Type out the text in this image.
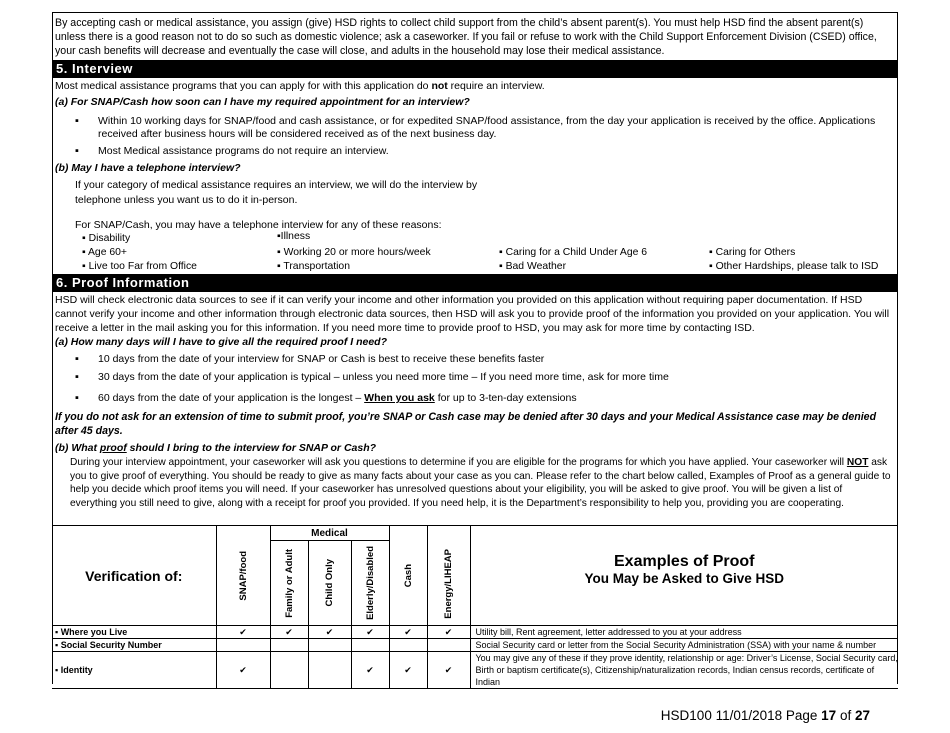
By accepting cash or medical assistance, you assign (give) HSD rights to collect child support from the child’s absent parent(s). You must help HSD find the absent parent(s) unless there is a good reason not to do so such as domestic violence; ask a caseworker. If you fail or refuse to work with the Child Support Enforcement Division (CSED) office, your cash benefits will decrease and eventually the case will close, and adults in the household may lose their medical assistance.
5. Interview

Most medical assistance programs that you can apply for with this application do not require an interview.

(a) For SNAP/Cash how soon can I have my required appointment for an interview?

▪ Within 10 working days for SNAP/food and cash assistance, or for expedited SNAP/food assistance, from the day your application is received by the office. Applications received after business hours will be considered received as of the next business day.
▪ Most Medical assistance programs do not require an interview.

(b) May I have a telephone interview?

If your category of medical assistance requires an interview, we will do the interview by

telephone unless you want us to do it in-person.

For SNAP/Cash, you may have a telephone interview for any of these reasons:

▪ Disability	▪Illness
▪ Age 60+	▪ Working 20 or more hours/week	▪ Caring for a Child Under Age 6	▪ Caring for Others
▪ Live too Far from Office	▪ Transportation	▪ Bad Weather	▪ Other Hardships, please talk to ISD
6. Proof Information

HSD will check electronic data sources to see if it can verify your income and other information you provided on this application without requiring paper documentation. If HSD cannot verify your income and other information through electronic data sources, then HSD will ask you to provide proof of the information you provided on your application. You will receive a letter in the mail asking you for this information. If you need more time to provide proof to HSD, you may ask for more time by contacting ISD.

(a) How many days will I have to give all the required proof I need?

▪ 10 days from the date of your interview for SNAP or Cash is best to receive these benefits faster
▪ 30 days from the date of your application is typical – unless you need more time – If you need more time, ask for more time
▪ 60 days from the date of your application is the longest – When you ask for up to 3-ten-day extensions

If you do not ask for an extension of time to submit proof, you’re SNAP or Cash case may be denied after 30 days and your Medical Assistance case may be denied after 45 days.

(b) What proof should I bring to the interview for SNAP or Cash?

During your interview appointment, your caseworker will ask you questions to determine if you are eligible for the programs for which you have applied. Your caseworker will NOT ask you to give proof of everything. You should be ready to give as many facts about your case as you can. Please refer to the chart below called, Examples of Proof as a general guide to help you decide which proof items you will need. If your caseworker has unresolved questions about your eligibility, you will be asked to give proof. You will be given a list of everything you still need to give, along with a receipt for proof you provided. If you need help, it is the Department’s responsibility to help you, providing you are cooperating.

Verification of:	SNAP/food	Medical			Cash	Energy/LIHEAP	Examples of Proof
You May be Asked to Give HSD

		Family or Adult	Child Only	Elderly/Disabled			

▪ Where you Live	✔	✔	✔	✔	✔	✔	Utility bill, Rent agreement, letter addressed to you at your address
▪ Social Security Number							Social Security card or letter from the Social Security Administration (SSA) with your name & number
▪ Identity	✔			✔	✔	✔	You may give any of these if they prove identity, relationship or age: Driver’s License, Social Security card, Birth or baptism certificate(s), Citizenship/naturalization records, Indian census records, certificate of Indian
HSD100 11/01/2018 Page 17 of 27
